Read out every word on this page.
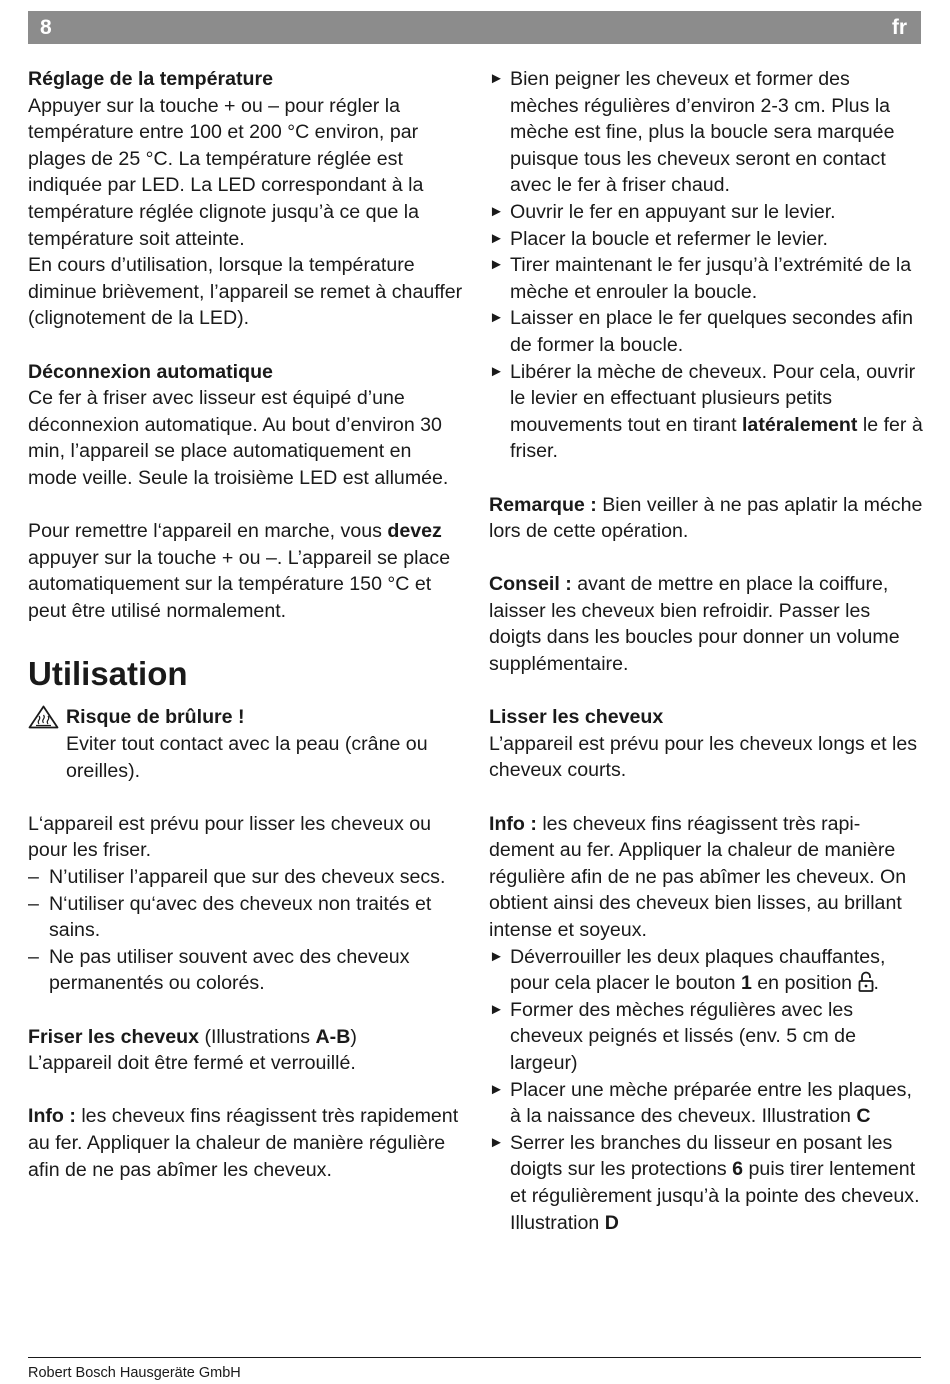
8	fr

Réglage de la température

Appuyer sur la touche + ou – pour régler la température entre 100 et 200 °C environ, par plages de 25 °C. La température réglée est indiquée par LED. La LED correspondant à la température réglée clignote jusqu’à ce que la température soit atteinte.

En cours d’utilisation, lorsque la température diminue brièvement, l’appareil se remet à chauffer (clignotement de la LED).

Déconnexion automatique

Ce fer à friser avec lisseur est équipé d’une déconnexion automatique. Au bout d’environ 30 min, l’appareil se place automatiquement en mode veille. Seule la troisième LED est allumée.

Pour remettre l‘appareil en marche, vous devez appuyer sur la touche + ou –. L’appareil se place automatiquement sur la température 150 °C et peut être utilisé normalement.

Utilisation

Risque de brûlure !

Eviter tout contact avec la peau (crâne ou oreilles).

L‘appareil est prévu pour lisser les cheveux ou pour les friser.

– N’utiliser l’appareil que sur des cheveux secs.

– N‘utiliser qu‘avec des cheveux non traités et sains.

– Ne pas utiliser souvent avec des cheveux permanentés ou colorés.

Friser les cheveux (Illustrations A-B)

L’appareil doit être fermé et verrouillé.

Info : les cheveux fins réagissent très rapidement au fer. Appliquer la chaleur de manière régulière afin de ne pas abîmer les cheveux.

► Bien peigner les cheveux et former des mèches régulières d’environ 2-3 cm. Plus la mèche est fine, plus la boucle sera marquée puisque tous les cheveux seront en contact avec le fer à friser chaud.

► Ouvrir le fer en appuyant sur le levier.

► Placer la boucle et refermer le levier.

► Tirer maintenant le fer jusqu’à l’extrémité de la mèche et enrouler la boucle.

► Laisser en place le fer quelques secondes afin de former la boucle.

► Libérer la mèche de cheveux. Pour cela, ouvrir le levier en effectuant plusieurs petits mouvements tout en tirant latéralement le fer à friser.

Remarque : Bien veiller à ne pas aplatir la méche lors de cette opération.

Conseil : avant de mettre en place la coiffure, laisser les cheveux bien refroidir. Passer les doigts dans les boucles pour donner un volume supplémentaire.

Lisser les cheveux

L’appareil est prévu pour les cheveux longs et les cheveux courts.

Info : les cheveux fins réagissent très rapi-dement au fer. Appliquer la chaleur de manière régulière afin de ne pas abîmer les cheveux. On obtient ainsi des cheveux bien lisses, au brillant intense et soyeux.

► Déverrouiller les deux plaques chauffantes, pour cela placer le bouton 1 en position .

► Former des mèches régulières avec les cheveux peignés et lissés (env. 5 cm de largeur)

► Placer une mèche préparée entre les plaques, à la naissance des cheveux. Illustration C

► Serrer les branches du lisseur en posant les doigts sur les protections 6 puis tirer lentement et régulièrement jusqu’à la pointe des cheveux. Illustration D

Robert Bosch Hausgeräte GmbH
